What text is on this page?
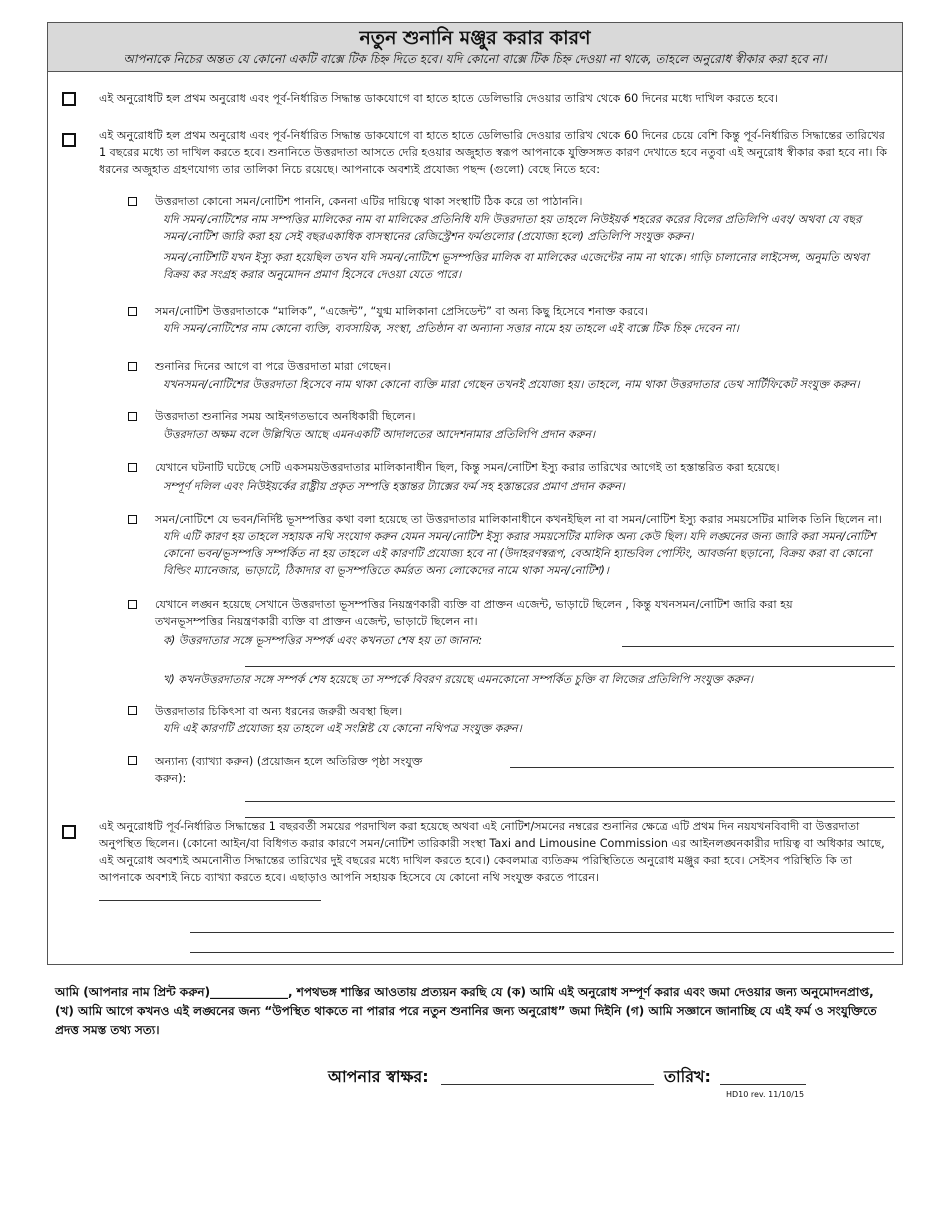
নতুন শুনানি মঞ্জুর করার কারণ
আপনাকে নিচের অন্তত যে কোনো একটি বাক্সে টিক চিহ্ন দিতে হবে। যদি কোনো বাক্সে টিক চিহ্ন দেওয়া না থাকে, তাহলে অনুরোধ স্বীকার করা হবে না।
এই অনুরোধটি হল প্রথম অনুরোধ এবং পূর্ব-নির্ধারিত সিদ্ধান্ত ডাকযোগে বা হাতে হাতে ডেলিভারি দেওয়ার তারিখ থেকে 60 দিনের মধ্যে দাখিল করতে হবে।
এই অনুরোধটি হল প্রথম অনুরোধ এবং পূর্ব-নির্ধারিত সিদ্ধান্ত ডাকযোগে বা হাতে হাতে ডেলিভারি দেওয়ার তারিখ থেকে 60 দিনের চেয়ে বেশি কিন্তু পূর্ব-নির্ধারিত সিদ্ধান্তের তারিখের 1 বছরের মধ্যে তা দাখিল করতে হবে। শুনানিতে উত্তরদাতা আসতে দেরি হওয়ার অজুহাত স্বরূপ আপনাকে যুক্তিসঙ্গত কারণ দেখাতে হবে নতুবা এই অনুরোধ স্বীকার করা হবে না। কি ধরনের অজুহাত গ্রহণযোগ্য তার তালিকা নিচে রয়েছে। আপনাকে অবশ্যই প্রযোজ্য পছন্দ (গুলো) বেছে নিতে হবে:
উত্তরদাতা কোনো সমন/নোটিশ পাননি, কেননা এটির দায়িত্বে থাকা সংস্থাটি ঠিক করে তা পাঠাননি।
যদি সমন/নোটিশের নাম সম্পত্তির মালিকের নাম বা মালিকের প্রতিনিধি যদি উত্তরদাতা হয় তাহলে নিউইয়র্ক শহরের করের বিলের প্রতিলিপি এবং/ অথবা যে বছর সমন/নোটিশ জারি করা হয় সেই বছরএকাধিক বাসস্থানের রেজিস্ট্রেশন ফর্মগুলোর (প্রযোজ্য হলে) প্রতিলিপি সংযুক্ত করুন।
সমন/নোটিশটি যখন ইস্যু করা হয়েছিল তখন যদি সমন/নোটিশে ভূসম্পত্তির মালিক বা মালিকের এজেন্টের নাম না থাকে। গাড়ি চালানোর লাইসেন্স, অনুমতি অথবা বিক্রয় কর সংগ্রহ করার অনুমোদন প্রমাণ হিসেবে দেওয়া যেতে পারে।
সমন/নোটিশ উত্তরদাতাকে “মালিক”, “এজেন্ট”, “যুগ্ম মালিকানা প্রেসিডেন্ট” বা অন্য কিছু হিসেবে শনাক্ত করবে।
যদি সমন/নোটিশের নাম কোনো ব্যক্তি, ব্যবসায়িক, সংস্থা, প্রতিষ্ঠান বা অন্যান্য সত্তার নামে হয় তাহলে এই বাক্সে টিক চিহ্ন দেবেন না।
শুনানির দিনের আগে বা পরে উত্তরদাতা মারা গেছেন।
যখনসমন/নোটিশের উত্তরদাতা হিসেবে নাম থাকা কোনো ব্যক্তি মারা গেছেন তখনই প্রযোজ্য হয়। তাহলে, নাম থাকা উত্তরদাতার ডেথ সার্টিফিকেট সংযুক্ত করুন।
উত্তরদাতা শুনানির সময় আইনগতভাবে অনধিকারী ছিলেন।
উত্তরদাতা অক্ষম বলে উল্লিখিত আছে এমনএকটি আদালতের আদেশনামার প্রতিলিপি প্রদান করুন।
যেখানে ঘটনাটি ঘটেছে সেটি একসময়উত্তরদাতার মালিকানাধীন ছিল, কিন্তু সমন/নোটিশ ইস্যু করার তারিখের আগেই তা হস্তান্তরিত করা হয়েছে।
সম্পূর্ণ দলিল এবং নিউইয়র্কের রাষ্ট্রীয় প্রকৃত সম্পত্তি হস্তান্তর ট্যাক্সের ফর্ম সহ হস্তান্তরের প্রমাণ প্রদান করুন।
সমন/নোটিশে যে ভবন/নির্দিষ্ট ভূসম্পত্তির কথা বলা হয়েছে তা উত্তরদাতার মালিকানাধীনে কখনইছিল না বা সমন/নোটিশ ইস্যু করার সময়সেটির মালিক তিনি ছিলেন না।
যদি এটি কারণ হয় তাহলে সহায়ক নথি সংযোগ করুন যেমন সমন/নোটিশ ইস্যু করার সময়সেটির মালিক অন্য কেউ ছিল। যদি লঙ্ঘনের জন্য জারি করা সমন/নোটিশ কোনো ভবন/ভূসম্পত্তি সম্পর্কিত না হয় তাহলে এই কারণটি প্রযোজ্য হবে না (উদাহরণস্বরূপ, বেআইনি হ্যান্ডবিল পোস্টিং, আবর্জনা ছড়ানো, বিক্রয় করা বা কোনো বিল্ডিং ম্যানেজার, ভাড়াটে, ঠিকাদার বা ভূসম্পত্তিতে কর্মরত অন্য লোকেদের নামে থাকা সমন/নোটিশ)।
যেখানে লঙ্ঘন হয়েছে সেখানে উত্তরদাতা ভূসম্পত্তির নিয়ন্ত্রণকারী ব্যক্তি বা প্রাক্তন এজেন্ট, ভাড়াটে ছিলেন , কিন্তু যখনসমন/নোটিশ জারি করা হয় তখনভূসম্পত্তির নিয়ন্ত্রণকারী ব্যক্তি বা প্রাক্তন এজেন্ট, ভাড়াটে ছিলেন না।
ক) উত্তরদাতার সঙ্গে ভূসম্পত্তির সম্পর্ক এবং কখনতা শেষ হয় তা জানান:
খ) কখনউত্তরদাতার সঙ্গে সম্পর্ক শেষ হয়েছে তা সম্পর্কে বিবরণ রয়েছে এমনকোনো সম্পর্কিত চুক্তি বা লিজের প্রতিলিপি সংযুক্ত করুন।
উত্তরদাতার চিকিৎসা বা অন্য ধরনের জরুরী অবস্থা ছিল।
যদি এই কারণটি প্রযোজ্য হয় তাহলে এই সংশ্লিষ্ট যে কোনো নথিপত্র সংযুক্ত করুন।
অন্যান্য (ব্যাখ্যা করুন) (প্রয়োজন হলে অতিরিক্ত পৃষ্ঠা সংযুক্ত করুন):
এই অনুরোধটি পূর্ব-নির্ধারিত সিদ্ধান্তের 1 বছরবর্তী সময়ের পরদাখিল করা হয়েছে অথবা এই নোটিশ/সমনের নম্বরের শুনানির ক্ষেত্রে এটি প্রথম দিন নয়যখনবিবাদী বা উত্তরদাতা অনুপস্থিত ছিলেন। (কোনো আইন/বা বিধিগত করার কারণে সমন/নোটিশ তারিকারী সংস্থা Taxi and Limousine Commission এর আইনলঙ্ঘনকারীর দায়িত্ব বা অধিকার আছে, এই অনুরোধ অবশ্যই অমনোনীত সিদ্ধান্তের তারিখের দুই বছরের মধ্যে দাখিল করতে হবে।) কেবলমাত্র ব্যতিক্রম পরিস্থিতিতে অনুরোধ মঞ্জুর করা হবে। সেইসব পরিস্থিতি কি তা আপনাকে অবশ্যই নিচে ব্যাখ্যা করতে হবে। এছাড়াও আপনি সহায়ক হিসেবে যে কোনো নথি সংযুক্ত করতে পারেন।
আমি (আপনার নাম প্রিন্ট করুন)_____________, শপথভঙ্গ শাস্তির আওতায় প্রত্যয়ন করছি যে (ক) আমি এই অনুরোধ সম্পূর্ণ করার এবং জমা দেওয়ার জন্য অনুমোদনপ্রাপ্ত, (খ) আমি আগে কখনও এই লঙ্ঘনের জন্য “উপস্থিত থাকতে না পারার পরে নতুন শুনানির জন্য অনুরোধ” জমা দিইনি (গ) আমি সজ্ঞানে জানাচ্ছি যে এই ফর্ম ও সংযুক্তিতে প্রদত্ত সমস্ত তথ্য সত্য।
আপনার স্বাক্ষর:	তারিখ:
HD10 rev. 11/10/15
